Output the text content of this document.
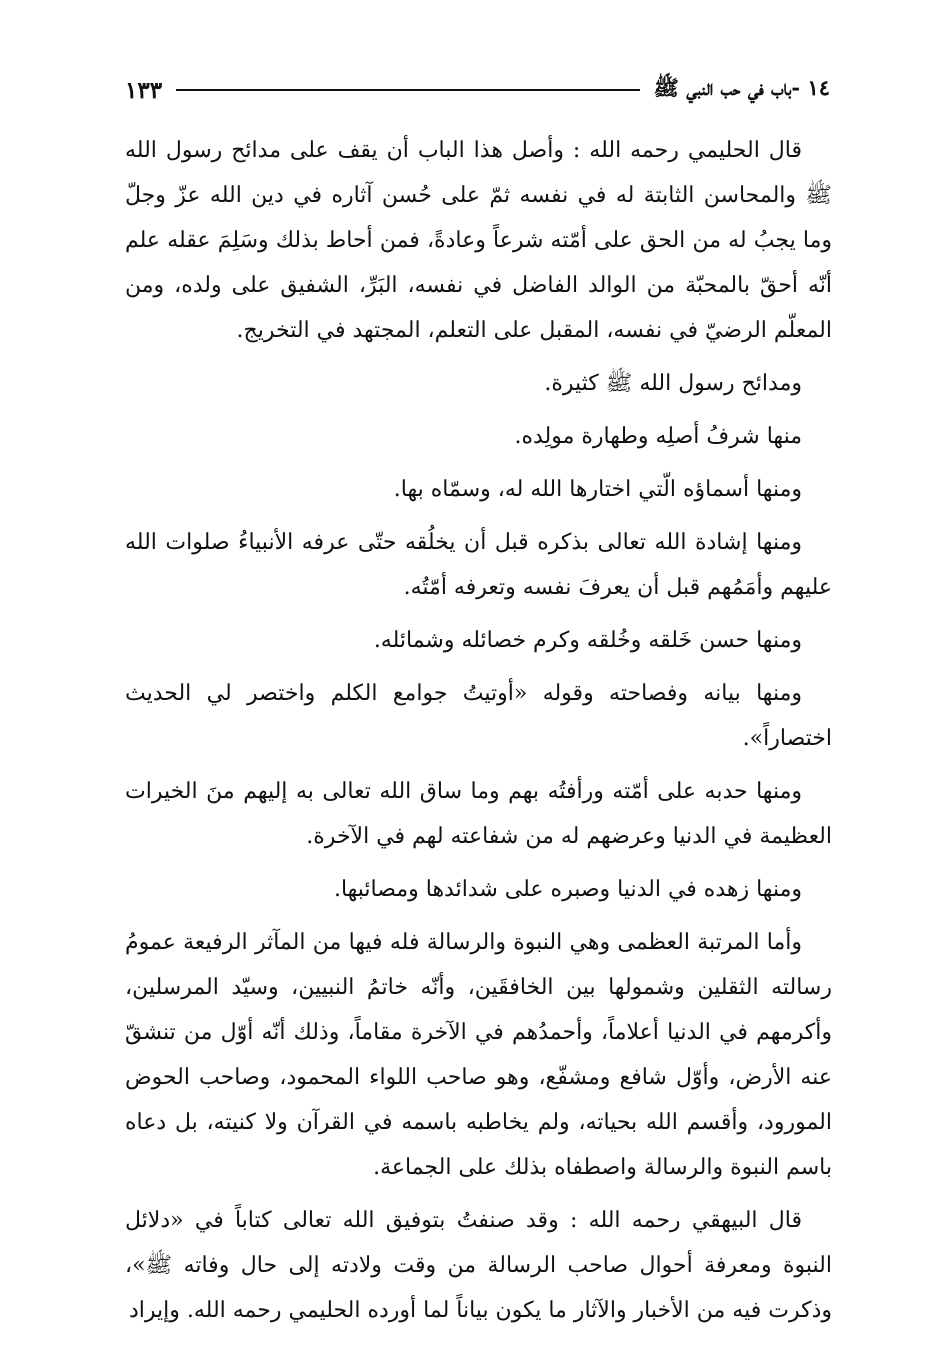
١٤ -باب في حب النبي ﷺ
١٣٣

قال الحليمي رحمه الله : وأصل هذا الباب أن يقف على مدائح رسول الله ﷺ والمحاسن الثابتة له في نفسه ثمّ على حُسن آثاره في دين الله عزّ وجلّ وما يجبُ له من الحق على أمّته شرعاً وعادةً، فمن أحاط بذلك وسَلِمَ عقله علم أنّه أحقّ بالمحبّة من الوالد الفاضل في نفسه، البَرِّ، الشفيق على ولده، ومن المعلّم الرضيّ في نفسه، المقبل على التعلم، المجتهد في التخريج.

ومدائح رسول الله ﷺ كثيرة.

منها شرفُ أصلِه وطهارة مولِده.

ومنها أسماؤه الّتي اختارها الله له، وسمّاه بها.

ومنها إشادة الله تعالى بذكره قبل أن يخلُقه حتّى عرفه الأنبياءُ صلوات الله عليهم وأمَمُهم قبل أن يعرفَ نفسه وتعرفه أمّتُه.

ومنها حسن خَلقه وخُلقه وكرم خصائله وشمائله.

ومنها بيانه وفصاحته وقوله «أوتيتُ جوامع الكلم واختصر لي الحديث اختصاراً».

ومنها حدبه على أمّته ورأفتُه بهم وما ساق الله تعالى به إليهم منَ الخيرات العظيمة في الدنيا وعرضهم له من شفاعته لهم في الآخرة.

ومنها زهده في الدنيا وصبره على شدائدها ومصائبها.

وأما المرتبة العظمى وهي النبوة والرسالة فله فيها من المآثر الرفيعة عمومُ رسالته الثقلين وشمولها بين الخافقَين، وأنّه خاتمُ النبيين، وسيّد المرسلين، وأكرمهم في الدنيا أعلاماً، وأحمدُهم في الآخرة مقاماً، وذلك أنّه أوّل من تنشقّ عنه الأرض، وأوّل شافع ومشفّع، وهو صاحب اللواء المحمود، وصاحب الحوض المورود، وأقسم الله بحياته، ولم يخاطبه باسمه في القرآن ولا كنيته، بل دعاه باسم النبوة والرسالة واصطفاه بذلك على الجماعة.

قال البيهقي رحمه الله : وقد صنفتُ بتوفيق الله تعالى كتاباً في «دلائل النبوة ومعرفة أحوال صاحب الرسالة من وقت ولادته إلى حال وفاته ﷺ»، وذكرت فيه من الأخبار والآثار ما يكون بياناً لما أورده الحليمي رحمه الله. وإيراد
